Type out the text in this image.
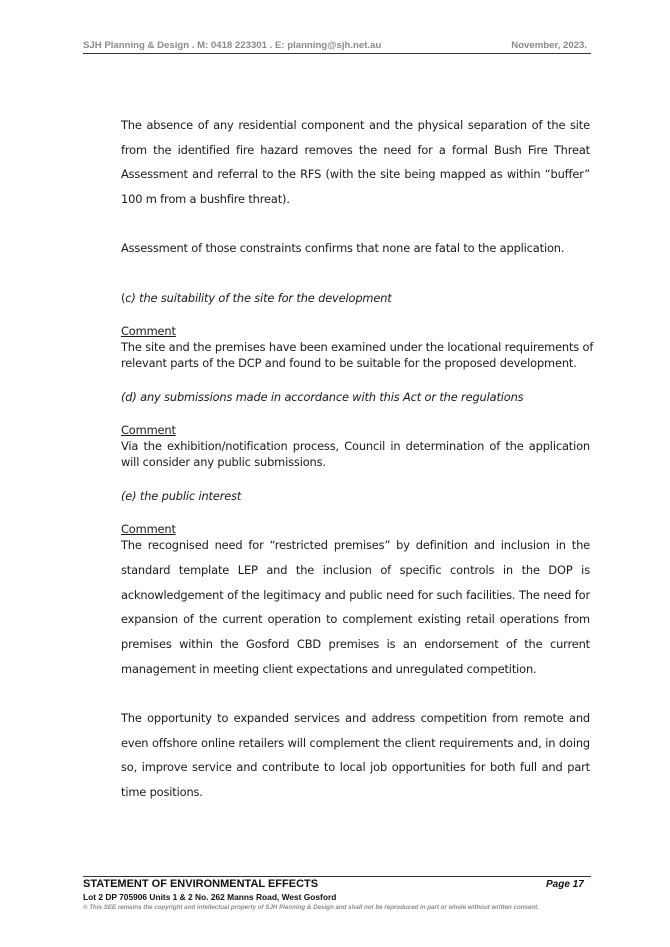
SJH Planning & Design . M: 0418 223301 . E: planning@sjh.net.au	November, 2023.
The absence of any residential component and the physical separation of the site
from the identified fire hazard removes the need for a formal Bush Fire Threat
Assessment and referral to the RFS (with the site being mapped as within “buffer”
100 m from a bushfire threat).
Assessment of those constraints confirms that none are fatal to the application.
(c) the suitability of the site for the development
Comment
The site and the premises have been examined under the locational requirements of
relevant parts of the DCP and found to be suitable for the proposed development.
(d) any submissions made in accordance with this Act or the regulations
Comment
Via the exhibition/notification process, Council in determination of the application
will consider any public submissions.
(e) the public interest
Comment
The recognised need for “restricted premises” by definition and inclusion in the
standard template LEP and the inclusion of specific controls in the DOP is
acknowledgement of the legitimacy and public need for such facilities. The need for
expansion of the current operation to complement existing retail operations from
premises within the Gosford CBD premises is an endorsement of the current
management in meeting client expectations and unregulated competition.
The opportunity to expanded services and address competition from remote and
even offshore online retailers will complement the client requirements and, in doing
so, improve service and contribute to local job opportunities for both full and part
time positions.
STATEMENT OF ENVIRONMENTAL EFFECTS	Page 17
Lot 2 DP 705906 Units 1 & 2 No. 262 Manns Road, West Gosford
© This SEE remains the copyright and intellectual property of SJH Planning & Design and shall not be reproduced in part or whole without written consent.
